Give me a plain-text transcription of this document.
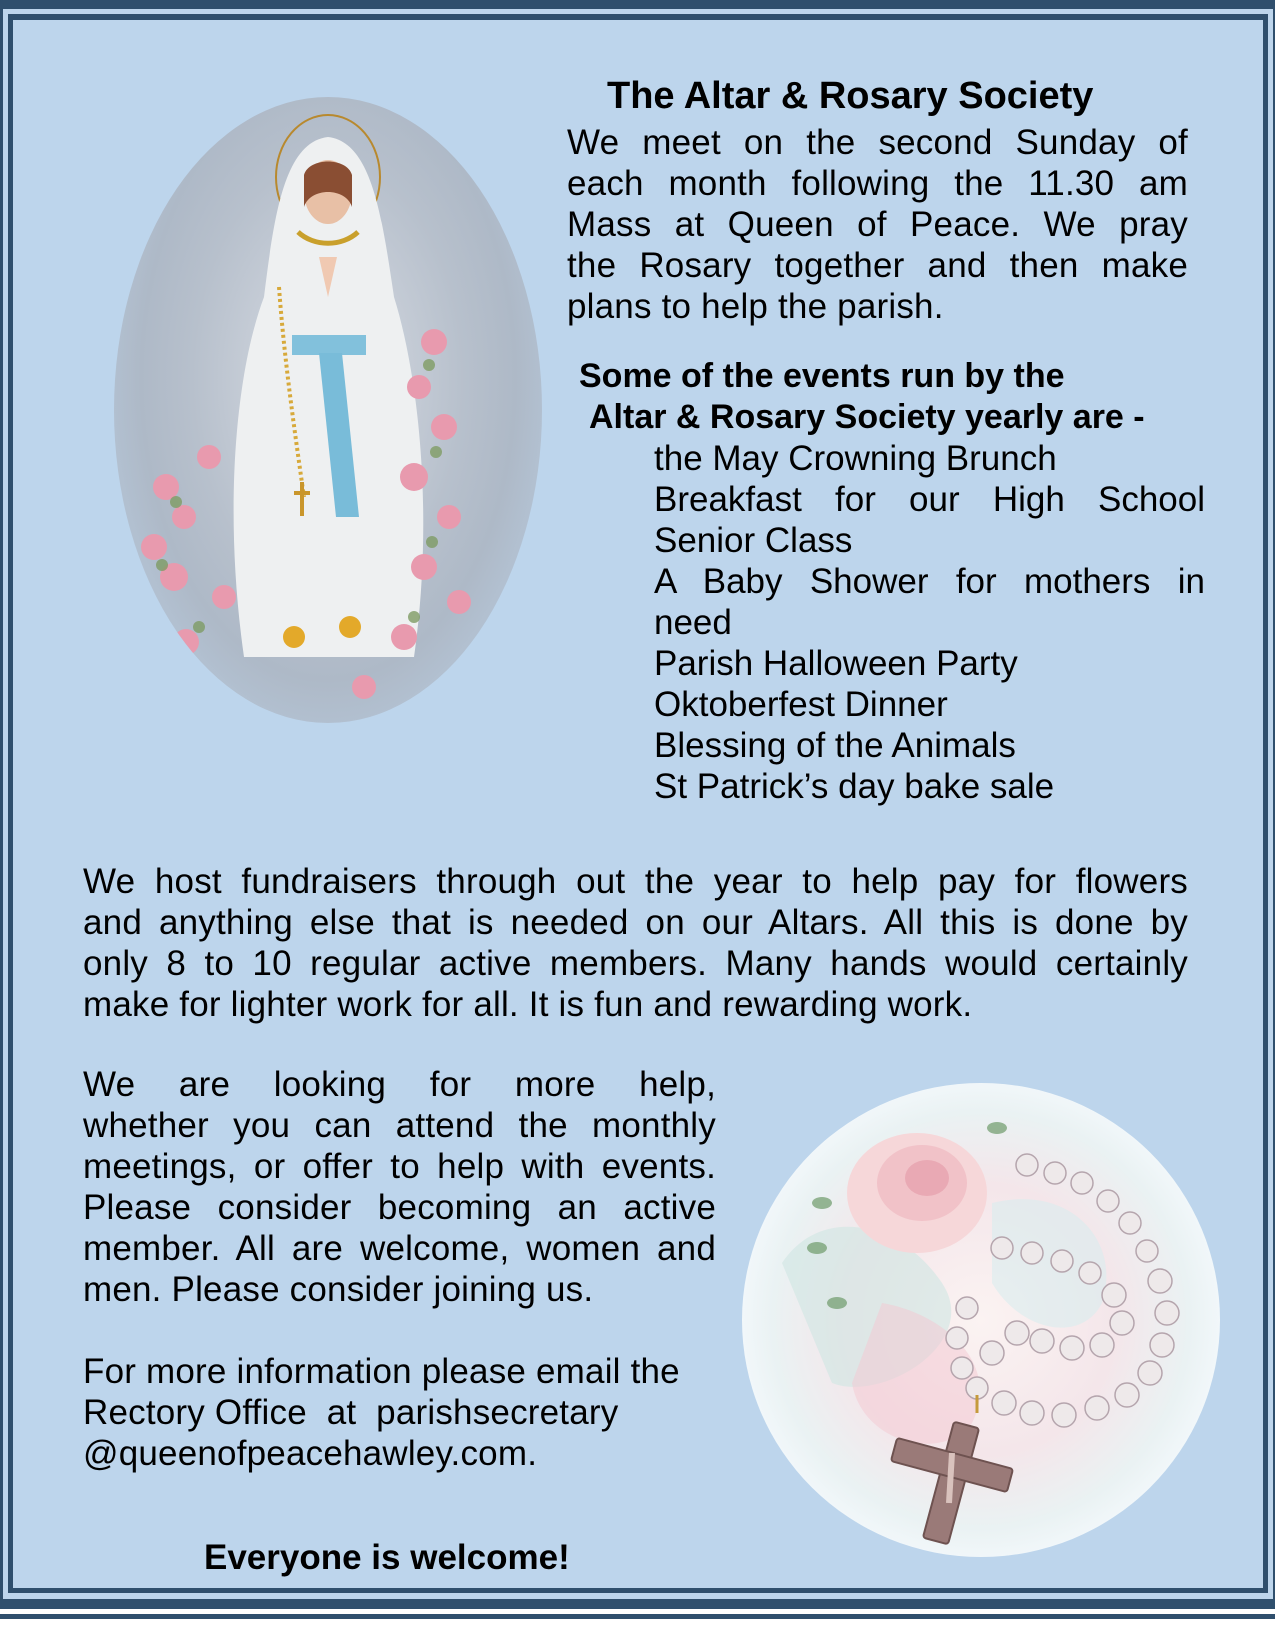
The Altar & Rosary Society
We meet on the second Sunday of
each month following the 11.30 am
Mass at Queen of Peace. We pray
the Rosary together and then make
plans to help the parish.
Some of the events run by the
Altar & Rosary Society yearly are -
the May Crowning Brunch
Breakfast for our High School
Senior Class
A Baby Shower for mothers in
need
Parish Halloween Party
Oktoberfest Dinner
Blessing of the Animals
St Patrick’s day bake sale
We host fundraisers through out the year to help pay for flowers
and anything else that is needed on our Altars. All this is done by
only 8 to 10 regular active members. Many hands would certainly
make for lighter work for all. It is fun and rewarding work.
We are looking for more help,
whether you can attend the monthly
meetings, or offer to help with events.
Please consider becoming an active
member. All are welcome, women and
men. Please consider joining us.
For more information please email the
Rectory Office  at  parishsecretary
@queenofpeacehawley.com.
Everyone is welcome!
